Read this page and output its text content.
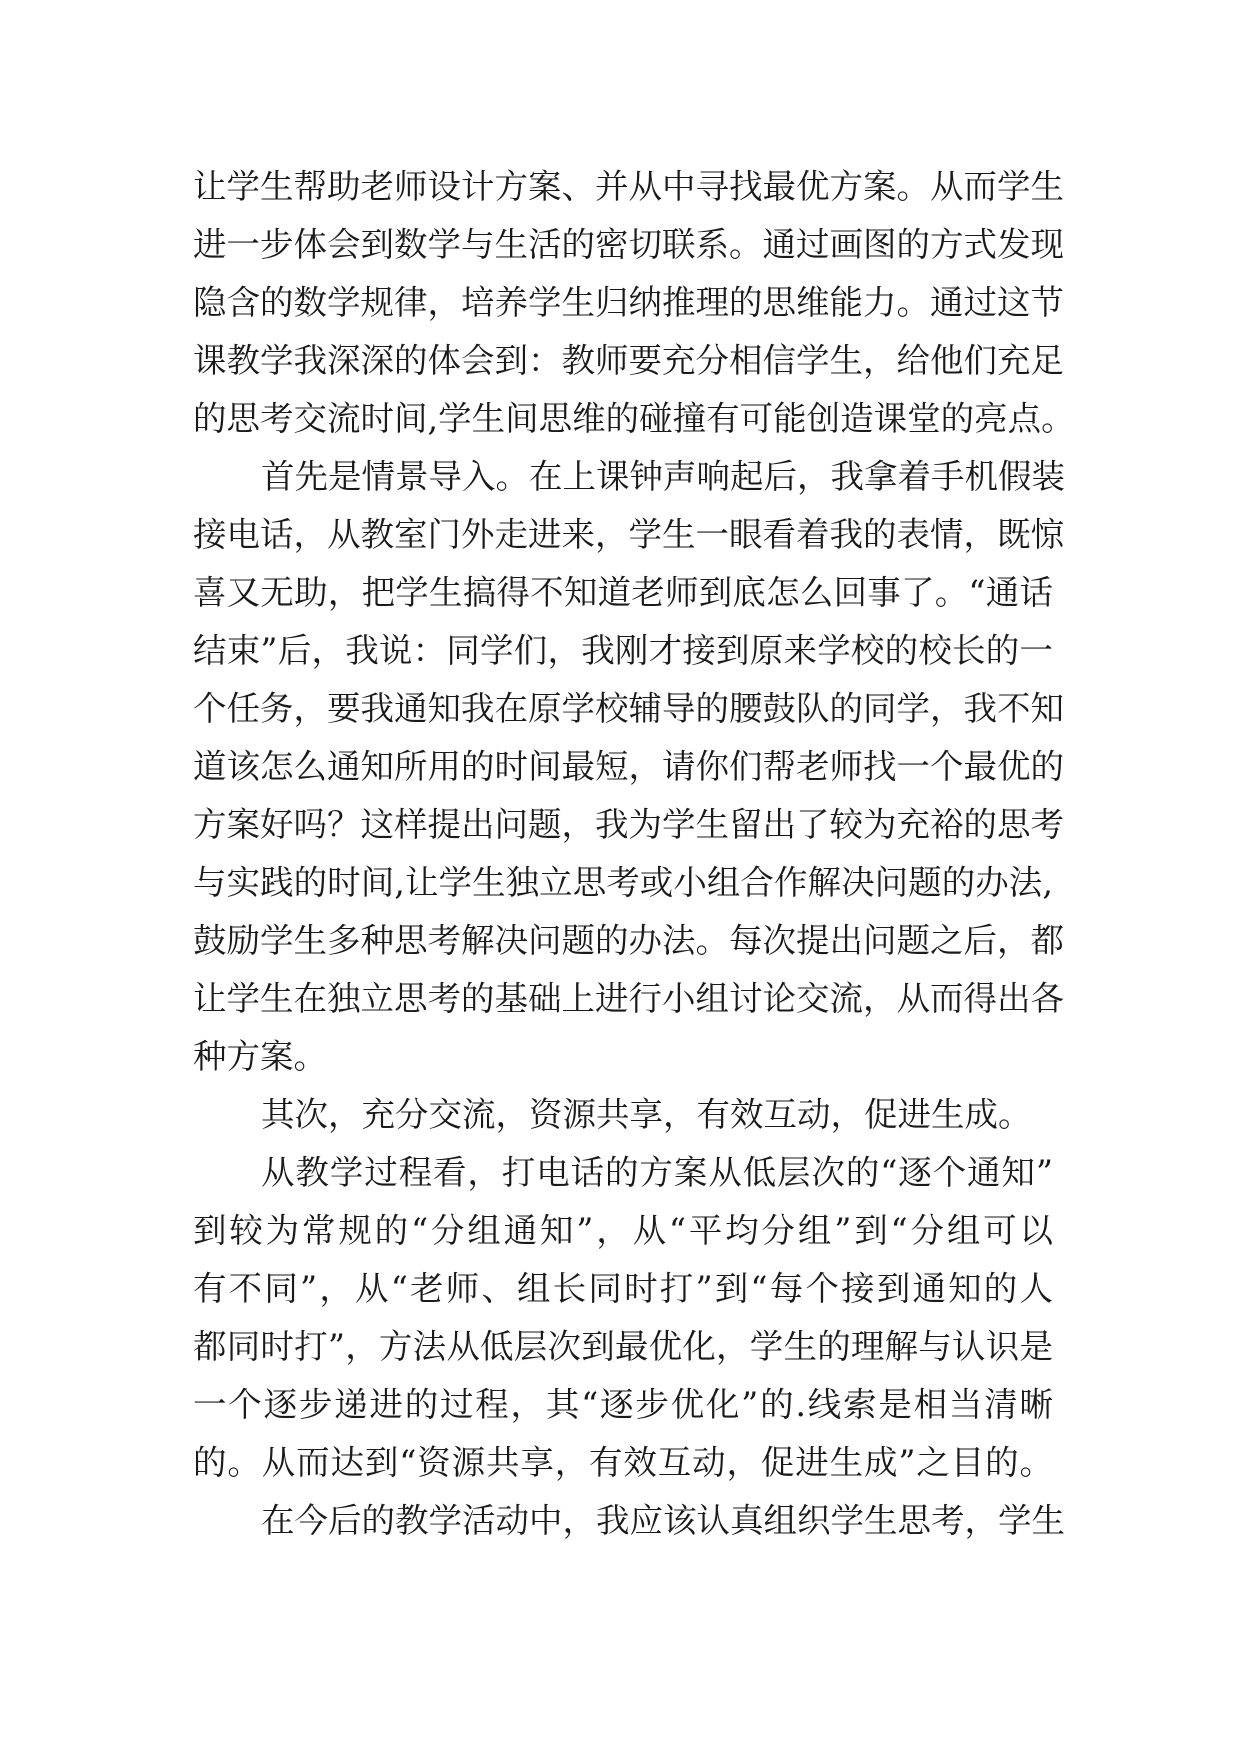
让学生帮助老师设计方案、并从中寻找最优方案。从而学生
进一步体会到数学与生活的密切联系。通过画图的方式发现
隐含的数学规律，培养学生归纳推理的思维能力。通过这节
课教学我深深的体会到：教师要充分相信学生，给他们充足
的思考交流时间,学生间思维的碰撞有可能创造课堂的亮点。
首先是情景导入。在上课钟声响起后，我拿着手机假装
接电话，从教室门外走进来，学生一眼看着我的表情，既惊
喜又无助，把学生搞得不知道老师到底怎么回事了。“通话
结束”后，我说：同学们，我刚才接到原来学校的校长的一
个任务，要我通知我在原学校辅导的腰鼓队的同学，我不知
道该怎么通知所用的时间最短，请你们帮老师找一个最优的
方案好吗？这样提出问题，我为学生留出了较为充裕的思考
与实践的时间,让学生独立思考或小组合作解决问题的办法,
鼓励学生多种思考解决问题的办法。每次提出问题之后，都
让学生在独立思考的基础上进行小组讨论交流，从而得出各
种方案。
其次，充分交流，资源共享，有效互动，促进生成。
从教学过程看，打电话的方案从低层次的“逐个通知”
到较为常规的“分组通知”，从“平均分组”到“分组可以
有不同”，从“老师、组长同时打”到“每个接到通知的人
都同时打”，方法从低层次到最优化，学生的理解与认识是
一个逐步递进的过程，其“逐步优化”的.线索是相当清晰
的。从而达到“资源共享，有效互动，促进生成”之目的。
在今后的教学活动中，我应该认真组织学生思考，学生
